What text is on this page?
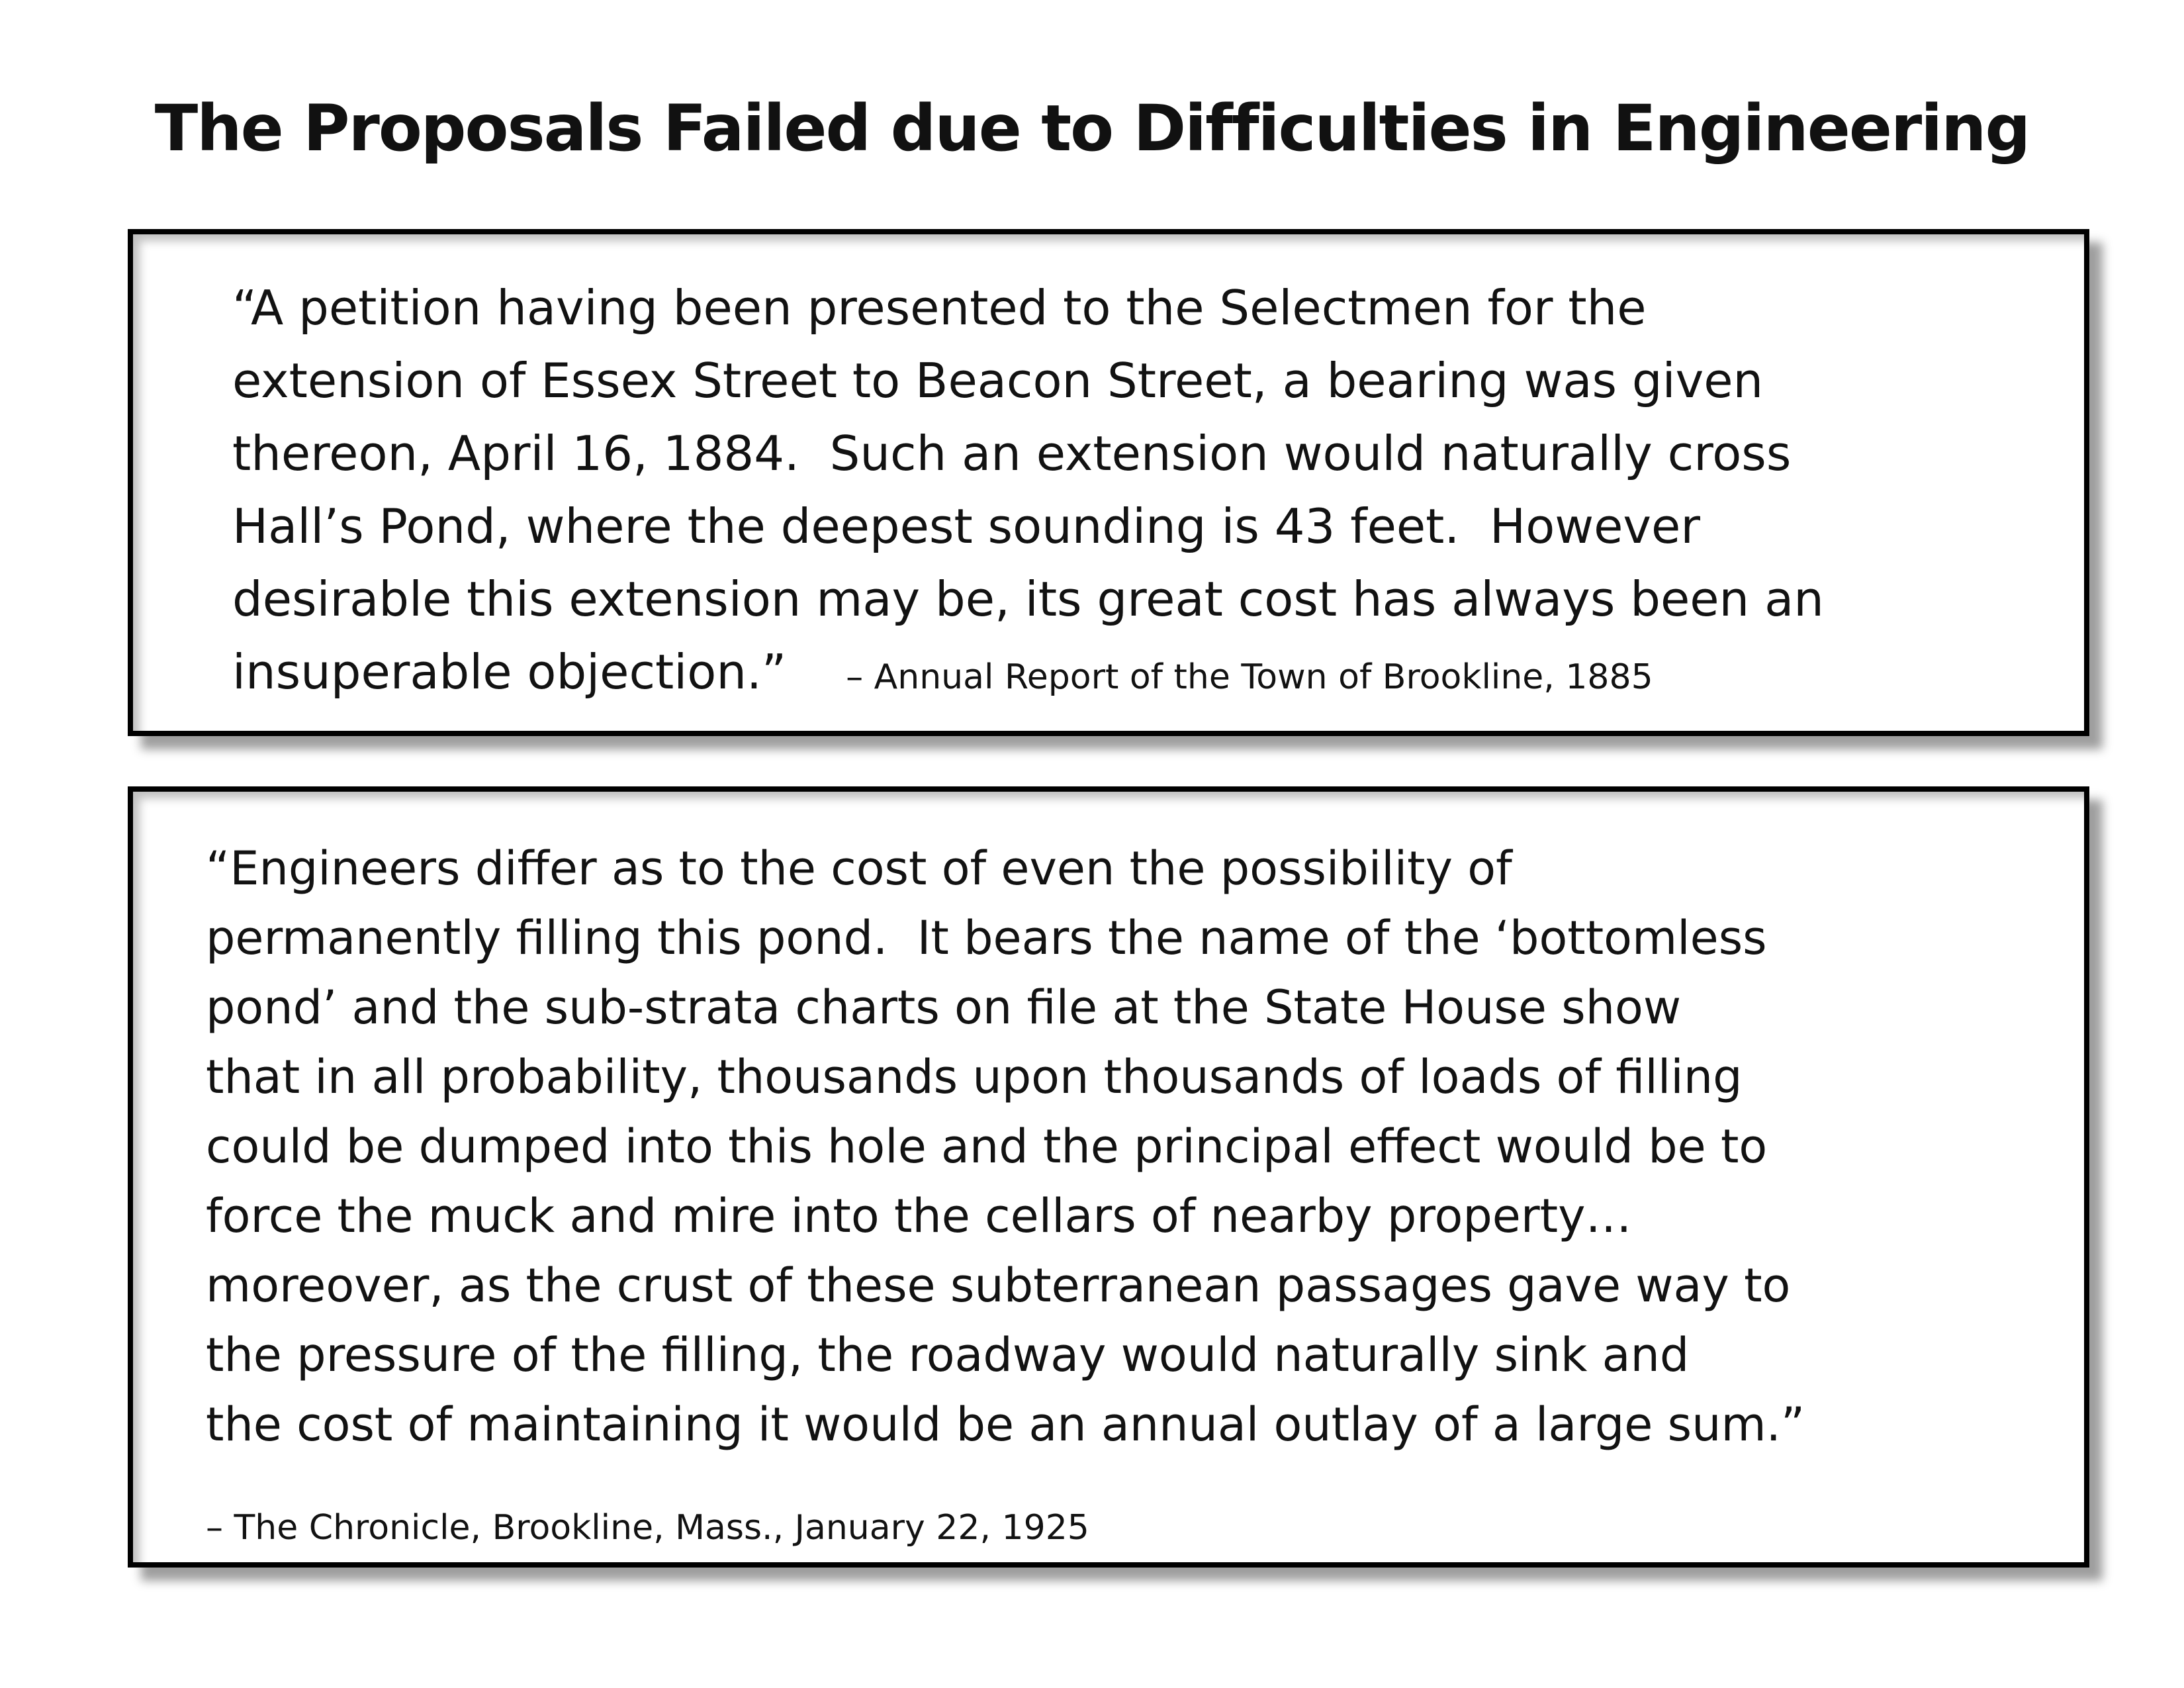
The Proposals Failed due to Difficulties in Engineering
“A petition having been presented to the Selectmen for the
extension of Essex Street to Beacon Street, a bearing was given
thereon, April 16, 1884.  Such an extension would naturally cross
Hall’s Pond, where the deepest sounding is 43 feet.  However
desirable this extension may be, its great cost has always been an
insuperable objection.” – Annual Report of the Town of Brookline, 1885
“Engineers differ as to the cost of even the possibility of
permanently filling this pond.  It bears the name of the ‘bottomless
pond’ and the sub-strata charts on file at the State House show
that in all probability, thousands upon thousands of loads of filling
could be dumped into this hole and the principal effect would be to
force the muck and mire into the cellars of nearby property…
moreover, as the crust of these subterranean passages gave way to
the pressure of the filling, the roadway would naturally sink and
the cost of maintaining it would be an annual outlay of a large sum.”
– The Chronicle, Brookline, Mass., January 22, 1925
